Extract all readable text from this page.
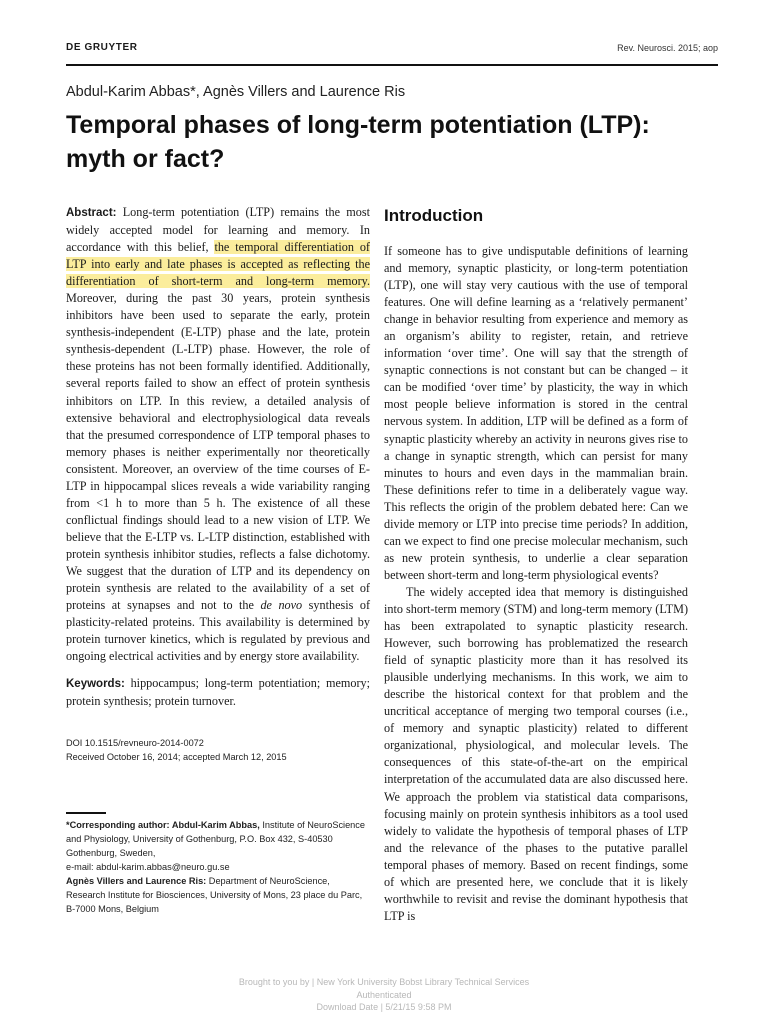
DE GRUYTER	Rev. Neurosci. 2015; aop
Abdul-Karim Abbas*, Agnès Villers and Laurence Ris
Temporal phases of long-term potentiation (LTP): myth or fact?

Abstract: Long-term potentiation (LTP) remains the most widely accepted model for learning and memory. In accordance with this belief, the temporal differentiation of LTP into early and late phases is accepted as reflecting the differentiation of short-term and long-term memory. Moreover, during the past 30 years, protein synthesis inhibitors have been used to separate the early, protein synthesis-independent (E-LTP) phase and the late, protein synthesis-dependent (L-LTP) phase. However, the role of these proteins has not been formally identified. Additionally, several reports failed to show an effect of protein synthesis inhibitors on LTP. In this review, a detailed analysis of extensive behavioral and electrophysiological data reveals that the presumed correspondence of LTP temporal phases to memory phases is neither experimentally nor theoretically consistent. Moreover, an overview of the time courses of E-LTP in hippocampal slices reveals a wide variability ranging from <1 h to more than 5 h. The existence of all these conflictual findings should lead to a new vision of LTP. We believe that the E-LTP vs. L-LTP distinction, established with protein synthesis inhibitor studies, reflects a false dichotomy. We suggest that the duration of LTP and its dependency on protein synthesis are related to the availability of a set of proteins at synapses and not to the de novo synthesis of plasticity-related proteins. This availability is determined by protein turnover kinetics, which is regulated by previous and ongoing electrical activities and by energy store availability.

Keywords: hippocampus; long-term potentiation; memory; protein synthesis; protein turnover.

DOI 10.1515/revneuro-2014-0072
Received October 16, 2014; accepted March 12, 2015
*Corresponding author: Abdul-Karim Abbas, Institute of NeuroScience and Physiology, University of Gothenburg, P.O. Box 432, S-40530 Gothenburg, Sweden,
e-mail: abdul-karim.abbas@neuro.gu.se
Agnès Villers and Laurence Ris: Department of NeuroScience, Research Institute for Biosciences, University of Mons, 23 place du Parc, B-7000 Mons, Belgium
Introduction

If someone has to give undisputable definitions of learning and memory, synaptic plasticity, or long-term potentiation (LTP), one will stay very cautious with the use of temporal features. One will define learning as a ‘relatively permanent’ change in behavior resulting from experience and memory as an organism’s ability to register, retain, and retrieve information ‘over time’. One will say that the strength of synaptic connections is not constant but can be changed – it can be modified ‘over time’ by plasticity, the way in which most people believe information is stored in the central nervous system. In addition, LTP will be defined as a form of synaptic plasticity whereby an activity in neurons gives rise to a change in synaptic strength, which can persist for many minutes to hours and even days in the mammalian brain. These definitions refer to time in a deliberately vague way. This reflects the origin of the problem debated here: Can we divide memory or LTP into precise time periods? In addition, can we expect to find one precise molecular mechanism, such as new protein synthesis, to underlie a clear separation between short-term and long-term physiological events?

The widely accepted idea that memory is distinguished into short-term memory (STM) and long-term memory (LTM) has been extrapolated to synaptic plasticity research. However, such borrowing has problematized the research field of synaptic plasticity more than it has resolved its plausible underlying mechanisms. In this work, we aim to describe the historical context for that problem and the uncritical acceptance of merging two temporal courses (i.e., of memory and synaptic plasticity) related to different organizational, physiological, and molecular levels. The consequences of this state-of-the-art on the empirical interpretation of the accumulated data are also discussed here. We approach the problem via statistical data comparisons, focusing mainly on protein synthesis inhibitors as a tool used widely to validate the hypothesis of temporal phases of LTP and the relevance of the phases to the putative parallel temporal phases of memory. Based on recent findings, some of which are presented here, we conclude that it is likely worthwhile to revisit and revise the dominant hypothesis that LTP is

Brought to you by | New York University Bobst Library Technical Services
Authenticated
Download Date | 5/21/15 9:58 PM
